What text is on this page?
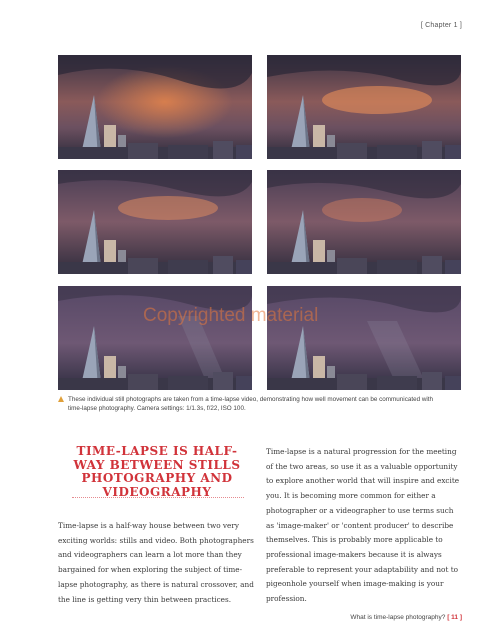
[ Chapter 1 ]
Copyrighted material
These individual still photographs are taken from a time-lapse video, demonstrating how well movement can be communicated with time-lapse photography. Camera settings: 1/1.3s, f/22, ISO 100.
TIME-LAPSE IS HALF-WAY BETWEEN STILLS PHOTOGRAPHY AND VIDEOGRAPHY

Time-lapse is a half-way house between two very exciting worlds: stills and video. Both photographers and videographers can learn a lot more than they bargained for when exploring the subject of time-lapse photography, as there is natural crossover, and the line is getting very thin between practices.

Time-lapse is a natural progression for the meeting of the two areas, so use it as a valuable opportunity to explore another world that will inspire and excite you. It is becoming more common for either a photographer or a videographer to use terms such as 'image-maker' or 'content producer' to describe themselves. This is probably more applicable to professional image-makers because it is always preferable to represent your adaptability and not to pigeonhole yourself when image-making is your profession.

What is time-lapse photography? [ 11 ]
